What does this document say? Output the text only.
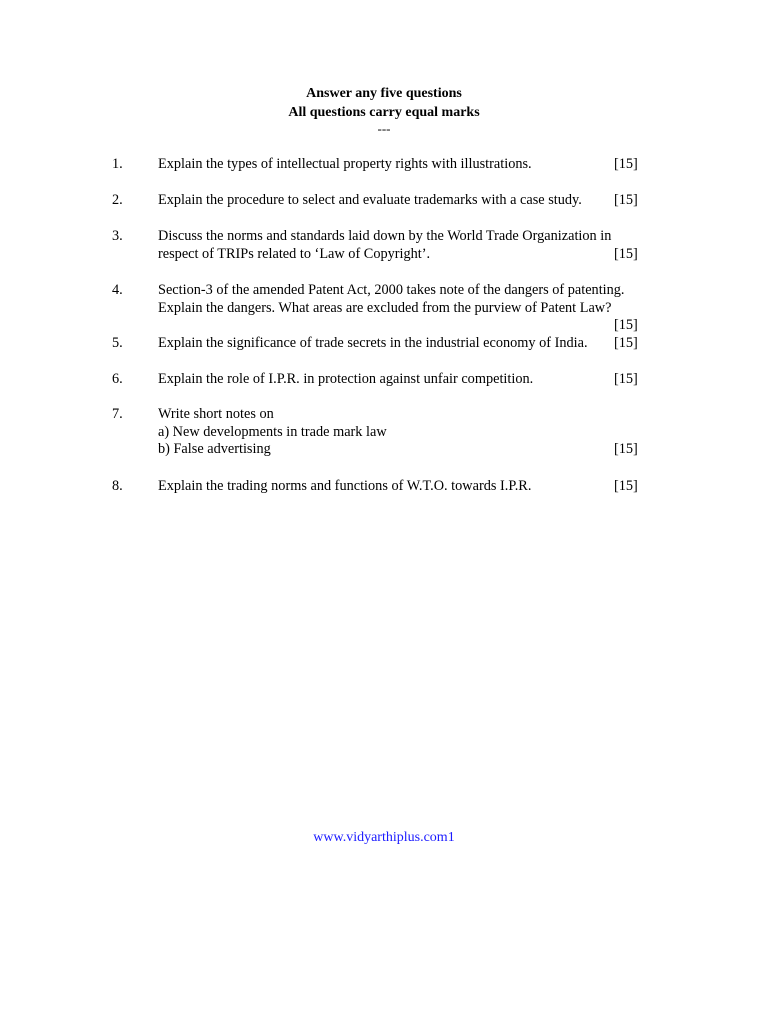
Answer any five questions
All questions carry equal marks
---
1. Explain the types of intellectual property rights with illustrations.	[15]
2. Explain the procedure to select and evaluate trademarks with a case study.	[15]
3. Discuss the norms and standards laid down by the World Trade Organization in
respect of TRIPs related to ‘Law of Copyright’.	[15]
4. Section-3 of the amended Patent Act, 2000 takes note of the dangers of patenting.
Explain the dangers. What areas are excluded from the purview of Patent Law?
[15]
5. Explain the significance of trade secrets in the industrial economy of India.	[15]
6. Explain the role of I.P.R. in protection against unfair competition.	[15]
7. Write short notes on
a) New developments in trade mark law
b) False advertising	[15]
8. Explain the trading norms and functions of W.T.O. towards I.P.R.	[15]
www.vidyarthiplus.com1
